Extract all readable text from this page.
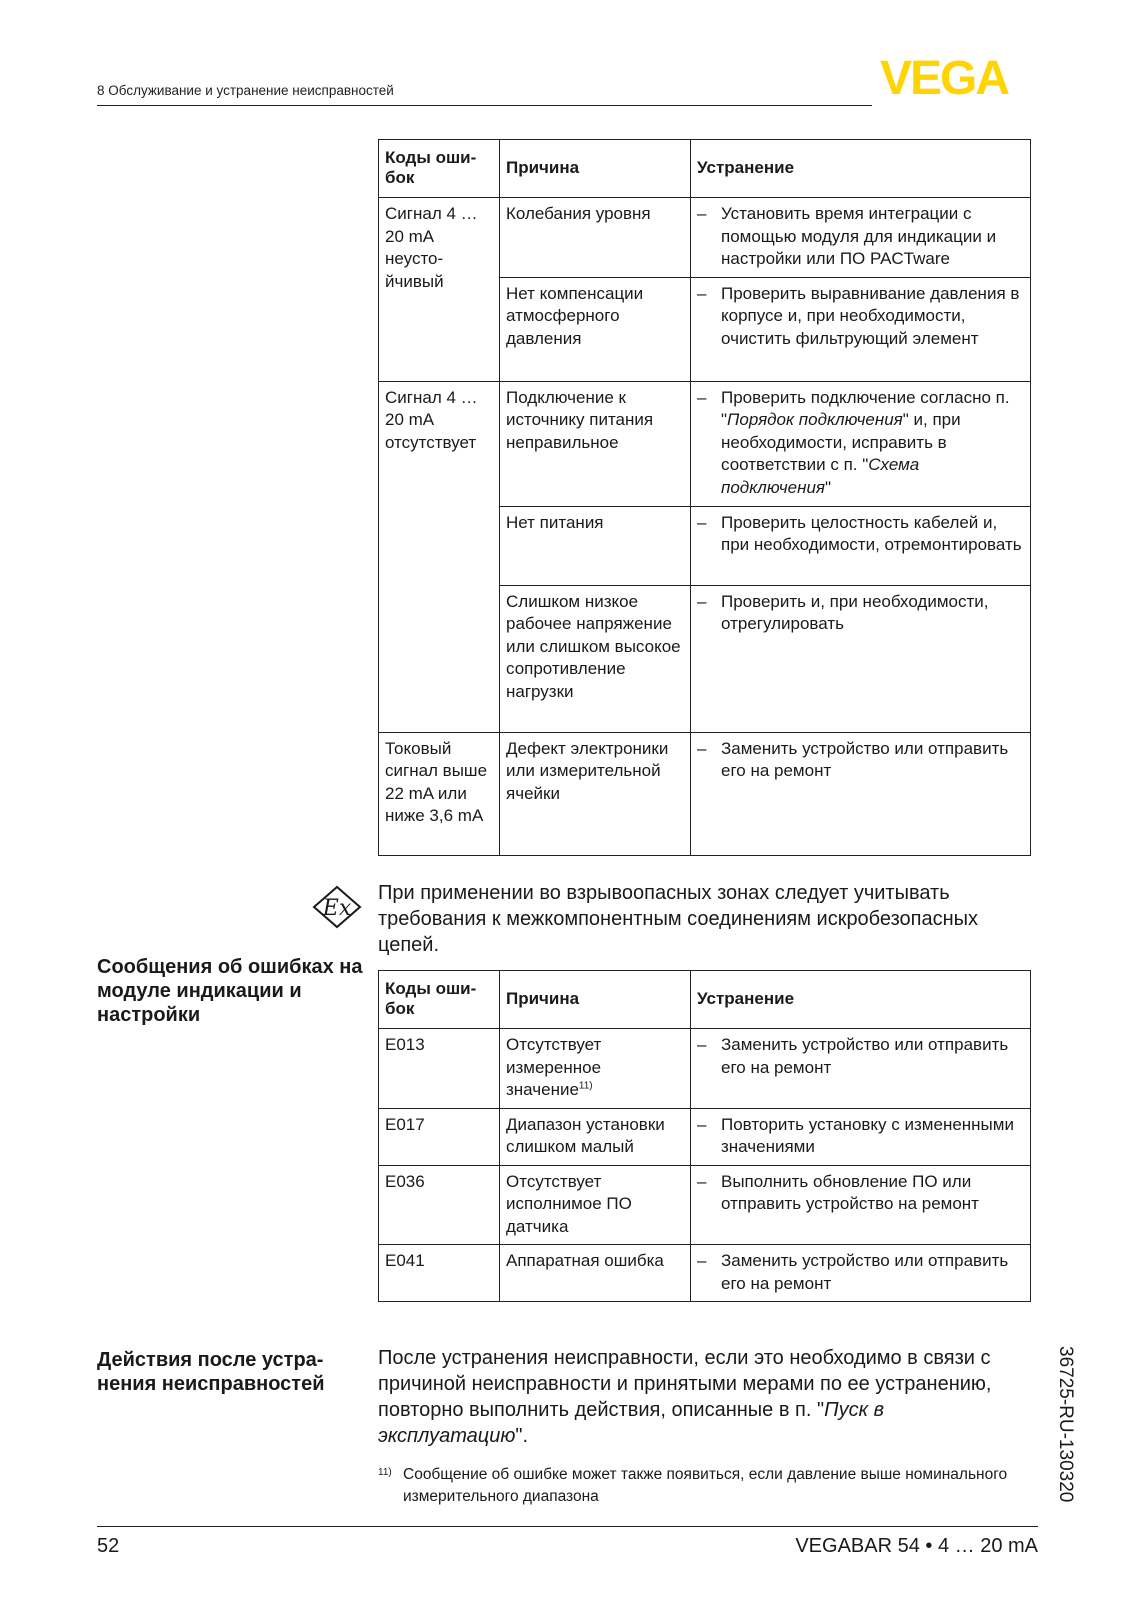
8 Обслуживание и устранение неисправностей	VEGA
Коды оши-бок	Причина	Устранение
Сигнал 4 … 20 mA неусто-йчивый	Колебания уровня	– Установить время интеграции с помощью модуля для индикации и настройки или ПО PACTware

	Нет компенсации атмосферного давления	– Проверить выравнивание давления в корпусе и, при необходимости, очистить фильтрующий элемент

Сигнал 4 … 20 mA отсутствует	Подключение к источнику питания неправильное	– Проверить подключение согласно п. "Порядок подключения" и, при необходимости, исправить в соответствии с п. "Схема подключения"

	Нет питания	– Проверить целостность кабелей и, при необходимости, отремонтировать

	Слишком низкое рабочее напряжение или слишком высокое сопротивление нагрузки	– Проверить и, при необходимости, отрегулировать

Токовый сигнал выше 22 mA или ниже 3,6 mA	Дефект электроники или измерительной ячейки	– Заменить устройство или отправить его на ремонт
Ex
При применении во взрывоопасных зонах следует учитывать требования к межкомпонентным соединениям искробезопасных цепей.
Сообщения об ошибках на модуле индикации и настройки
Коды оши-бок	Причина	Устранение
E013	Отсутствует измеренное значение$^{11)}$	– Заменить устройство или отправить его на ремонт

E017	Диапазон установки слишком малый	– Повторить установку с измененными значениями

E036	Отсутствует исполнимое ПО датчика	– Выполнить обновление ПО или отправить устройство на ремонт

E041	Аппаратная ошибка	– Заменить устройство или отправить его на ремонт
Действия после устра-нения неисправностей
После устранения неисправности, если это необходимо в связи с причиной неисправности и принятыми мерами по ее устранению, повторно выполнить действия, описанные в п. "Пуск в эксплуатацию".
11) Сообщение об ошибке может также появиться, если давление выше номинального измерительного диапазона	36725-RU-130320
52	VEGABAR 54 • 4 … 20 mA
